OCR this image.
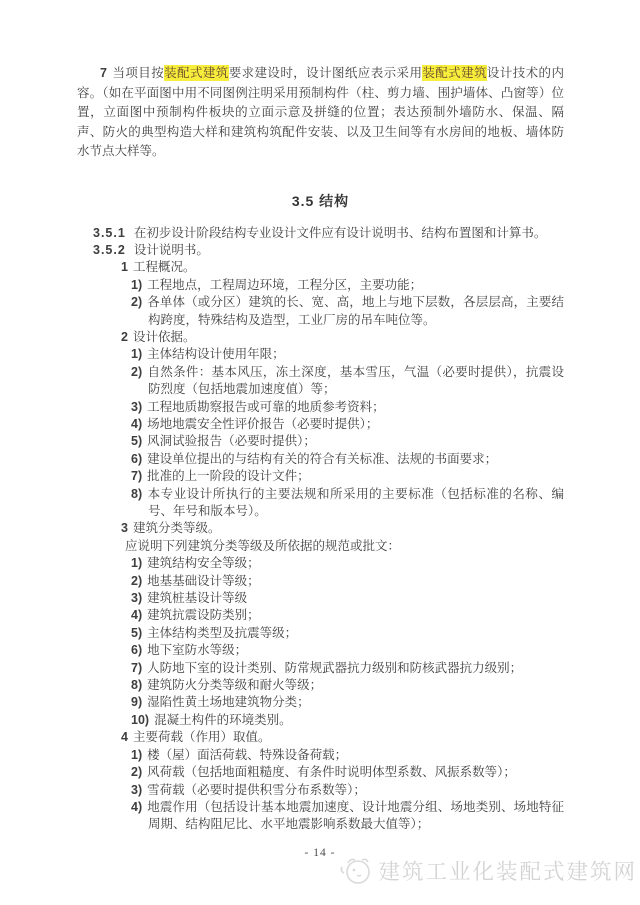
7 当项目按装配式建筑要求建设时，设计图纸应表示采用装配式建筑设计技术的内容。（如在平面图中用不同图例注明采用预制构件（柱、剪力墙、围护墙体、凸窗等）位置，立面图中预制构件板块的立面示意及拼缝的位置；表达预制外墙防水、保温、隔声、防火的典型构造大样和建筑构筑配件安装、以及卫生间等有水房间的地板、墙体防水节点大样等。

3.5 结构
3.5.1 在初步设计阶段结构专业设计文件应有设计说明书、结构布置图和计算书。
3.5.2 设计说明书。
1 工程概况。
1) 工程地点，工程周边环境，工程分区，主要功能；
2) 各单体（或分区）建筑的长、宽、高，地上与地下层数，各层层高，主要结构跨度，特殊结构及造型，工业厂房的吊车吨位等。
2 设计依据。
1) 主体结构设计使用年限；
2) 自然条件：基本风压，冻土深度，基本雪压，气温（必要时提供），抗震设防烈度（包括地震加速度值）等；
3) 工程地质勘察报告或可靠的地质参考资料；
4) 场地地震安全性评价报告（必要时提供）；
5) 风洞试验报告（必要时提供）；
6) 建设单位提出的与结构有关的符合有关标准、法规的书面要求；
7) 批准的上一阶段的设计文件；
8) 本专业设计所执行的主要法规和所采用的主要标准（包括标准的名称、编号、年号和版本号）。
3 建筑分类等级。
应说明下列建筑分类等级及所依据的规范或批文：
1) 建筑结构安全等级；
2) 地基基础设计等级；
3) 建筑桩基设计等级
4) 建筑抗震设防类别；
5) 主体结构类型及抗震等级；
6) 地下室防水等级；
7) 人防地下室的设计类别、防常规武器抗力级别和防核武器抗力级别；
8) 建筑防火分类等级和耐火等级；
9) 湿陷性黄土场地建筑物分类；
10) 混凝土构件的环境类别。
4 主要荷载（作用）取值。
1) 楼（屋）面活荷载、特殊设备荷载；
2) 风荷载（包括地面粗糙度、有条件时说明体型系数、风振系数等）；
3) 雪荷载（必要时提供积雪分布系数等）；
4) 地震作用（包括设计基本地震加速度、设计地震分组、场地类别、场地特征周期、结构阻尼比、水平地震影响系数最大值等）；
- 14 -
建筑工业化装配式建筑网
